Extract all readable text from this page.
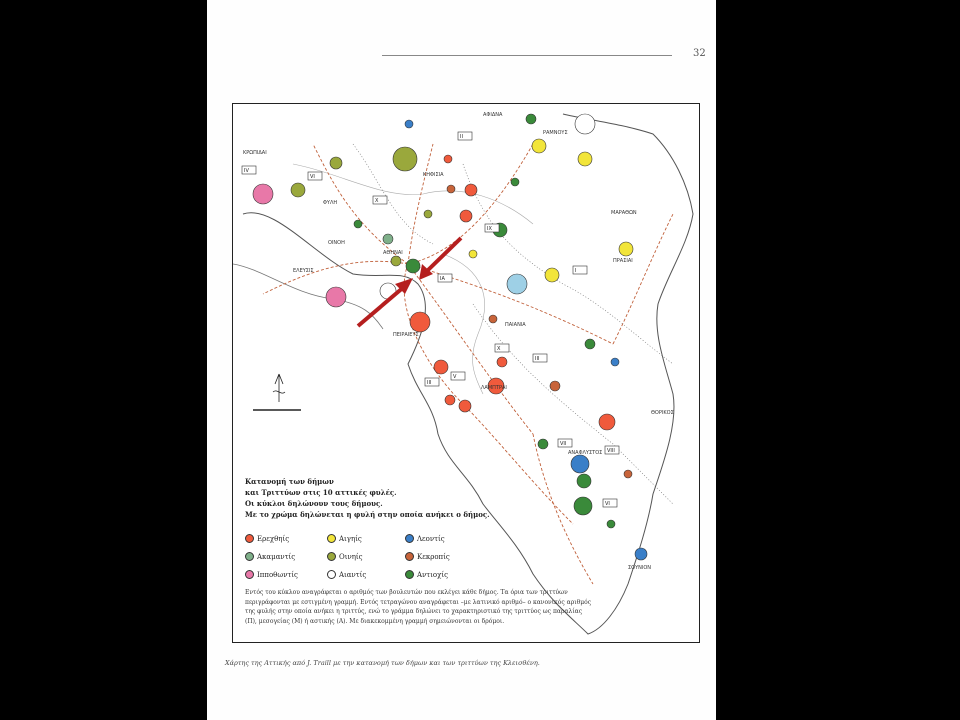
32
IV
VI
X
II
IX
IA
I
V
III
VII
VIII
VI
III
X
ΚΡΩΠΙΔΑΙ
ΕΛΕΥΣΙΣ
ΦΥΛΗ
ΜΑΡΑΘΩΝ
ΑΝΑΦΛΥΣΤΟΣ
ΣΟΥΝΙΟΝ
ΠΑΙΑΝΙΑ
ΘΟΡΙΚΟΣ
ΠΕΙΡΑΙΕΥΣ
ΑΘΗΝΑΙ
ΛΑΜΠΤΡΑΙ
ΠΡΑΣΙΑΙ
ΚΗΦΙΣΙΑ
ΑΦΙΔΝΑ
ΡΑΜΝΟΥΣ
ΟΙΝΟΗ
Κατανομή των δήμων
και Τριττύων στις 10 αττικές φυλές.
Οι κύκλοι δηλώνουν τους δήμους.
Με το χρώμα δηλώνεται η φυλή στην οποία ανήκει ο δήμος.
Ερεχθηίς	Αιγηίς	Λεοντίς
Ακαμαντίς	Οινηίς	Κεκροπίς
Ιπποθωντίς	Αιαντίς	Αντιοχίς
Εντός του κύκλου αναγράφεται ο αριθμός των βουλευτών που εκλέγει κάθε δήμος. Τα όρια των τριττύων
περιγράφονται με εστιγμένη γραμμή. Εντός τετραγώνου αναγράφεται –με λατινικό αριθμό– ο κανονικός αριθμός
της φυλής στην οποία ανήκει η τριττύς, ενώ το γράμμα δηλώνει το χαρακτηριστικό της τριττύος ως παραλίας
(Π), μεσογείας (Μ) ή αστικής (Α). Με διακεκομμένη γραμμή σημειώνονται οι δρόμοι.
Χάρτης της Αττικής από J. Traill με την κατανομή των δήμων και των τριττύων της Κλεισθένη.
